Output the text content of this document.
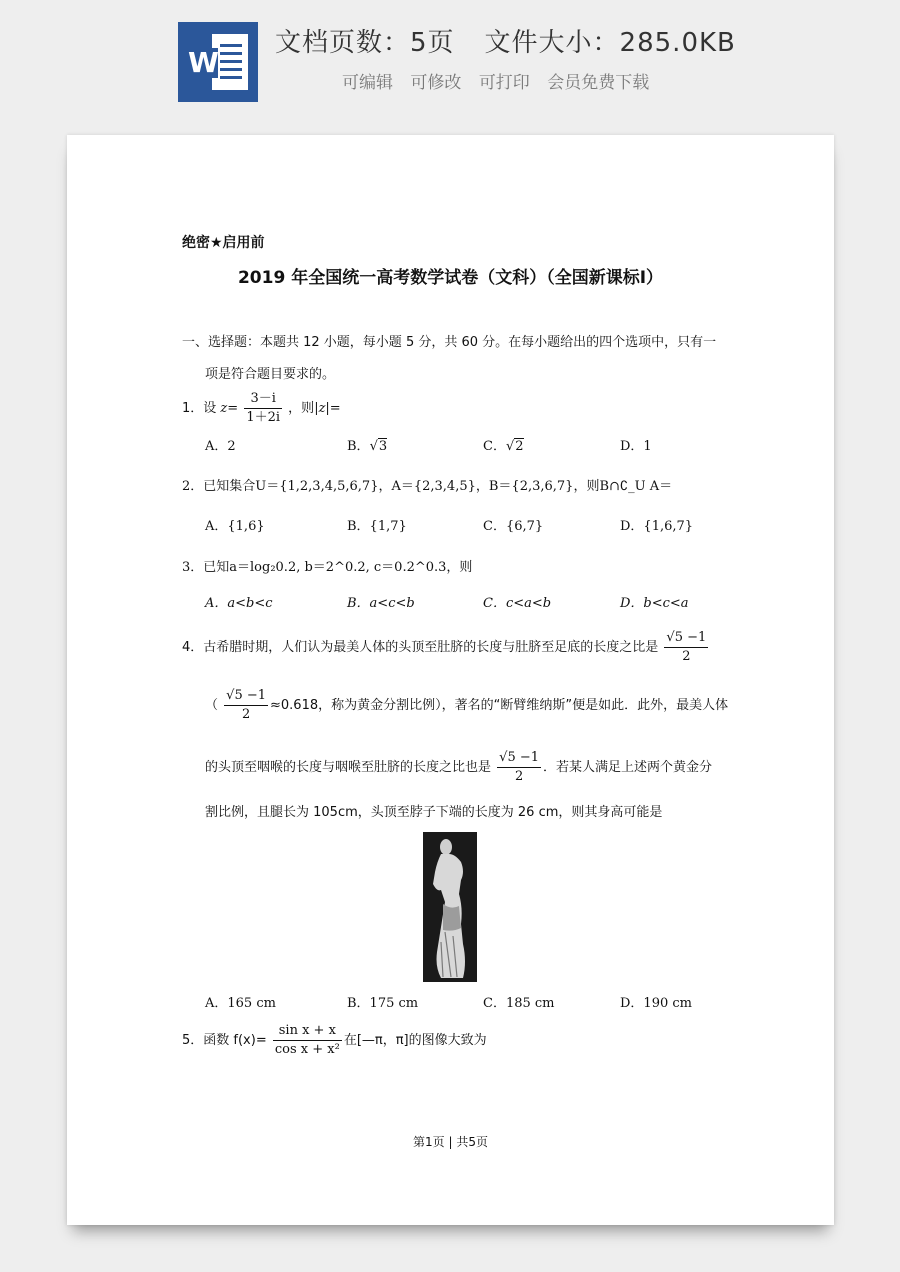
W
文档页数：5页 文件大小：285.0KB
可编辑 可修改 可打印 会员免费下载
绝密★启用前
2019 年全国统一高考数学试卷（文科）（全国新课标Ⅰ）
一、选择题：本题共 12 小题，每小题 5 分，共 60 分。在每小题给出的四个选项中，只有一
项是符合题目要求的。
1．设 $z= \frac{3-i}{1+2i}$ ，则|z|=
A．2	B．√3	C．√2	D．1
2．已知集合U＝{1,2,3,4,5,6,7}，A＝{2,3,4,5}，B＝{2,3,6,7}，则B∩∁_U A＝
A．{1,6}	B．{1,7}	C．{6,7}	D．{1,6,7}
3．已知a＝log₂0.2, b＝2^0.2, c＝0.2^0.3，则
A．a<b<c	B．a<c<b	C．c<a<b	D．b<c<a
4．古希腊时期，人们认为最美人体的头顶至肚脐的长度与肚脐至足底的长度之比是 $\frac{√5 -1}{2}$
（ $\frac{√5 -1}{2} \approx 0.618$，称为黄金分割比例），著名的“断臂维纳斯”便是如此．此外，最美人体
的头顶至咽喉的长度与咽喉至肚脐的长度之比也是 $\frac{√5 -1}{2}$ ．若某人满足上述两个黄金分
割比例，且腿长为 105cm，头顶至脖子下端的长度为 26 cm，则其身高可能是
A．165 cm	B．175 cm	C．185 cm	D．190 cm
5．函数 $f(x)= \frac{\text{sin x + x}}{\text{cos x + x²}}$ 在[—π，π]的图像大致为
第1页 | 共5页
